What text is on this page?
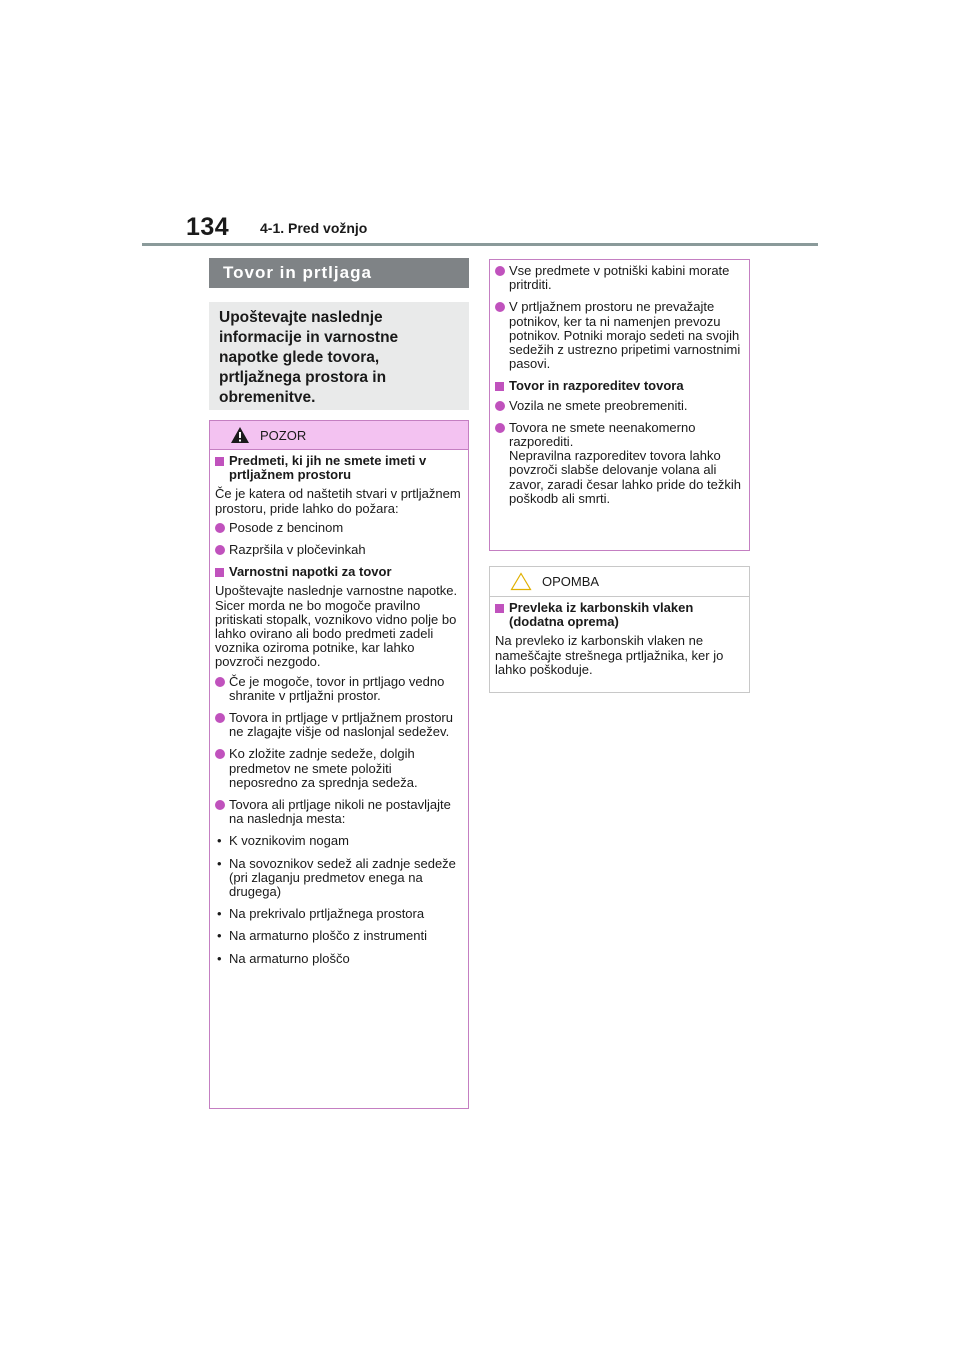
134 4-1. Pred vožnjo
Tovor in prtljaga
Upoštevajte naslednje informacije in varnostne napotke glede tovora, prtljažnega prostora in obremenitve.
POZOR
Predmeti, ki jih ne smete imeti v prtljažnem prostoru
Če je katera od naštetih stvari v prtljažnem prostoru, pride lahko do požara:
Posode z bencinom
Razpršila v pločevinkah
Varnostni napotki za tovor
Upoštevajte naslednje varnostne napotke.
Sicer morda ne bo mogoče pravilno pritiskati stopalk, voznikovo vidno polje bo lahko ovirano ali bodo predmeti zadeli voznika oziroma potnike, kar lahko povzroči nezgodo.
Če je mogoče, tovor in prtljago vedno shranite v prtljažni prostor.
Tovora in prtljage v prtljažnem prostoru ne zlagajte višje od naslonjal sedežev.
Ko zložite zadnje sedeže, dolgih predmetov ne smete položiti neposredno za sprednja sedeža.
Tovora ali prtljage nikoli ne postavljajte na naslednja mesta:
• K voznikovim nogam
• Na sovoznikov sedež ali zadnje sedeže (pri zlaganju predmetov enega na drugega)
• Na prekrivalo prtljažnega prostora
• Na armaturno ploščo z instrumenti
• Na armaturno ploščo
Vse predmete v potniški kabini morate pritrditi.
V prtljažnem prostoru ne prevažajte potnikov, ker ta ni namenjen prevozu potnikov. Potniki morajo sedeti na svojih sedežih z ustrezno pripetimi varnostnimi pasovi.
Tovor in razporeditev tovora
Vozila ne smete preobremeniti.
Tovora ne smete neenakomerno razporediti.
Nepravilna razporeditev tovora lahko povzroči slabše delovanje volana ali zavor, zaradi česar lahko pride do težkih poškodb ali smrti.
OPOMBA
Prevleka iz karbonskih vlaken (dodatna oprema)
Na prevleko iz karbonskih vlaken ne nameščajte strešnega prtljažnika, ker jo lahko poškoduje.
